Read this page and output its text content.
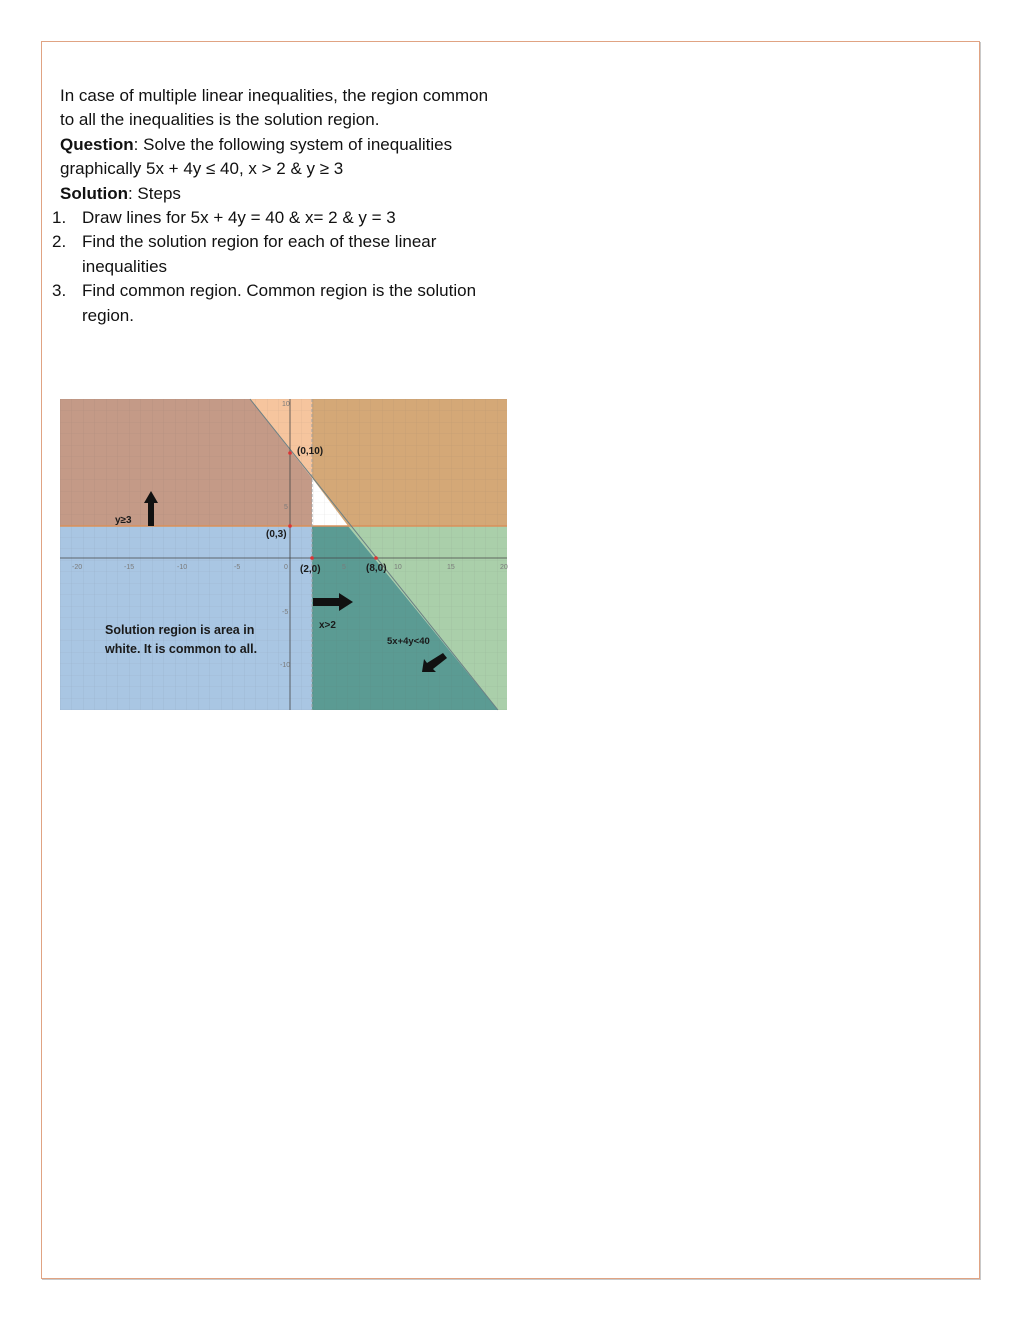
In case of multiple linear inequalities, the region common to all the inequalities is the solution region.

Question: Solve the following system of inequalities graphically 5x + 4y ≤ 40, x > 2 & y ≥ 3

Solution: Steps

1. Draw lines for 5x + 4y = 40 & x= 2 & y = 3
2. Find the solution region for each of these linear inequalities
3. Find common region. Common region is the solution region.
-20	-15	-10	-5	0	5	10	15	20
10
5
-5
-10
(0,10)
(0,3)
(2,0)	(8,0)
y≥3
x>2
5x+4y<40
Solution region is area in
white. It is common to all.
